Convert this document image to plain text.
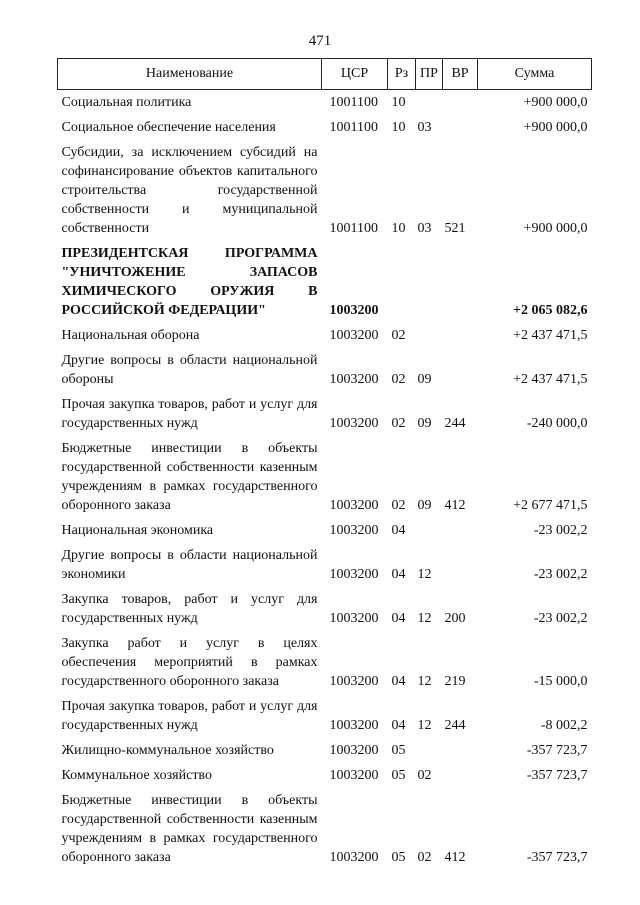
471
Наименование	ЦСР	Рз	ПР	ВР	Сумма
Социальная политика	1001100	10			+900 000,0
Социальное обеспечение населения	1001100	10	03		+900 000,0
Субсидии, за исключением субсидий на софинансирование объектов капитального строительства государственной собственности и муниципальной собственности	1001100	10	03	521	+900 000,0
ПРЕЗИДЕНТСКАЯ ПРОГРАММА "УНИЧТОЖЕНИЕ ЗАПАСОВ ХИМИЧЕСКОГО ОРУЖИЯ В РОССИЙСКОЙ ФЕДЕРАЦИИ"	1003200				+2 065 082,6
Национальная оборона	1003200	02			+2 437 471,5
Другие вопросы в области национальной обороны	1003200	02	09		+2 437 471,5
Прочая закупка товаров, работ и услуг для государственных нужд	1003200	02	09	244	-240 000,0
Бюджетные инвестиции в объекты государственной собственности казенным учреждениям в рамках государственного оборонного заказа	1003200	02	09	412	+2 677 471,5
Национальная экономика	1003200	04			-23 002,2
Другие вопросы в области национальной экономики	1003200	04	12		-23 002,2
Закупка товаров, работ и услуг для государственных нужд	1003200	04	12	200	-23 002,2
Закупка работ и услуг в целях обеспечения мероприятий в рамках государственного оборонного заказа	1003200	04	12	219	-15 000,0
Прочая закупка товаров, работ и услуг для государственных нужд	1003200	04	12	244	-8 002,2
Жилищно-коммунальное хозяйство	1003200	05			-357 723,7
Коммунальное хозяйство	1003200	05	02		-357 723,7
Бюджетные инвестиции в объекты государственной собственности казенным учреждениям в рамках государственного оборонного заказа	1003200	05	02	412	-357 723,7
